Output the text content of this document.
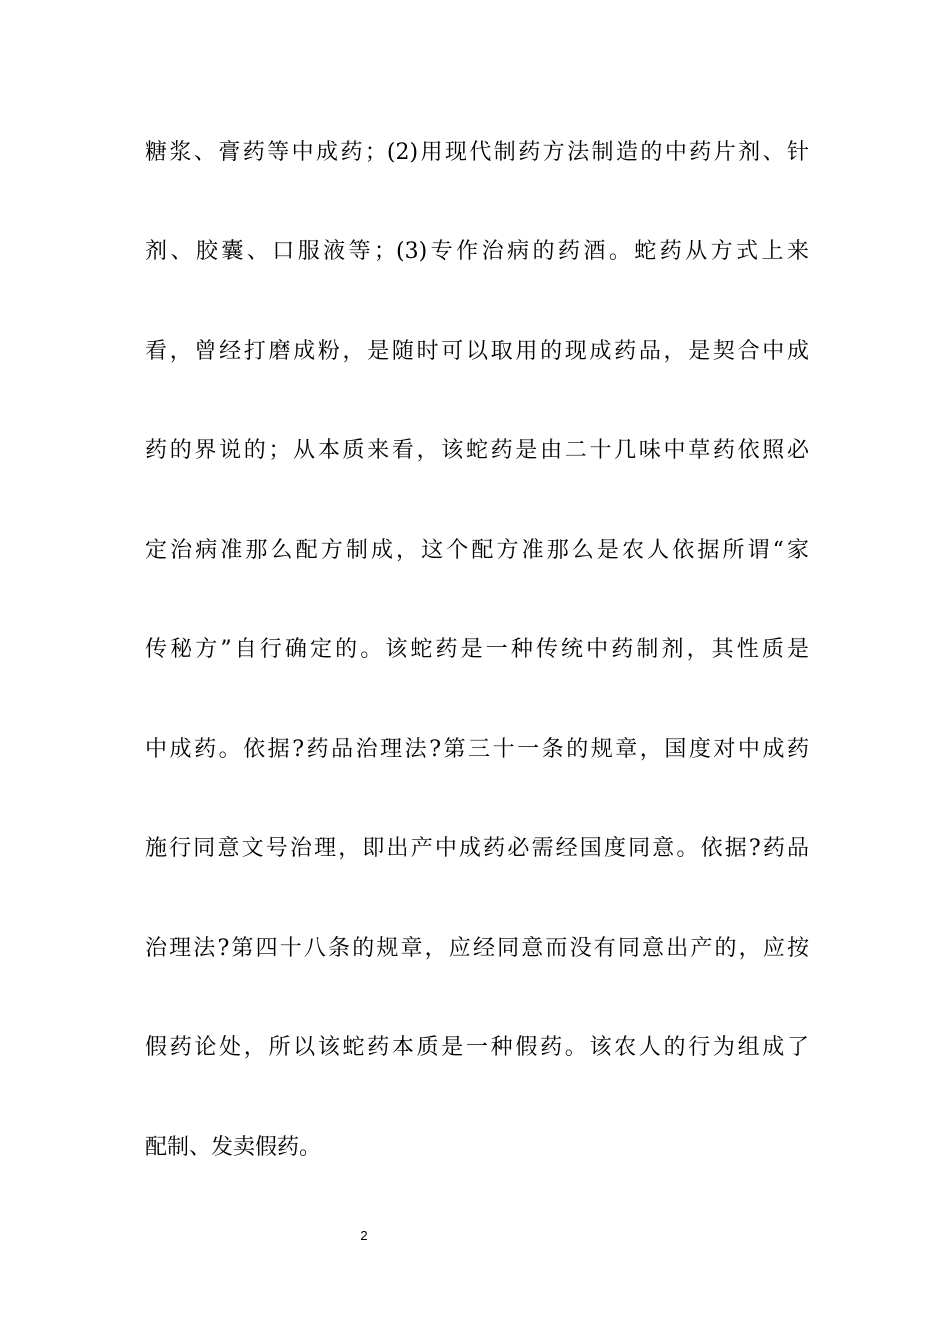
糖浆、膏药等中成药；(2)用现代制药方法制造的中药片剂、针
剂、胶囊、口服液等；(3)专作治病的药酒。蛇药从方式上来
看，曾经打磨成粉，是随时可以取用的现成药品，是契合中成
药的界说的；从本质来看，该蛇药是由二十几味中草药依照必
定治病准那么配方制成，这个配方准那么是农人依据所谓“家
传秘方”自行确定的。该蛇药是一种传统中药制剂，其性质是
中成药。依据?药品治理法?第三十一条的规章，国度对中成药
施行同意文号治理，即出产中成药必需经国度同意。依据?药品
治理法?第四十八条的规章，应经同意而没有同意出产的，应按
假药论处，所以该蛇药本质是一种假药。该农人的行为组成了
配制、发卖假药。
2
